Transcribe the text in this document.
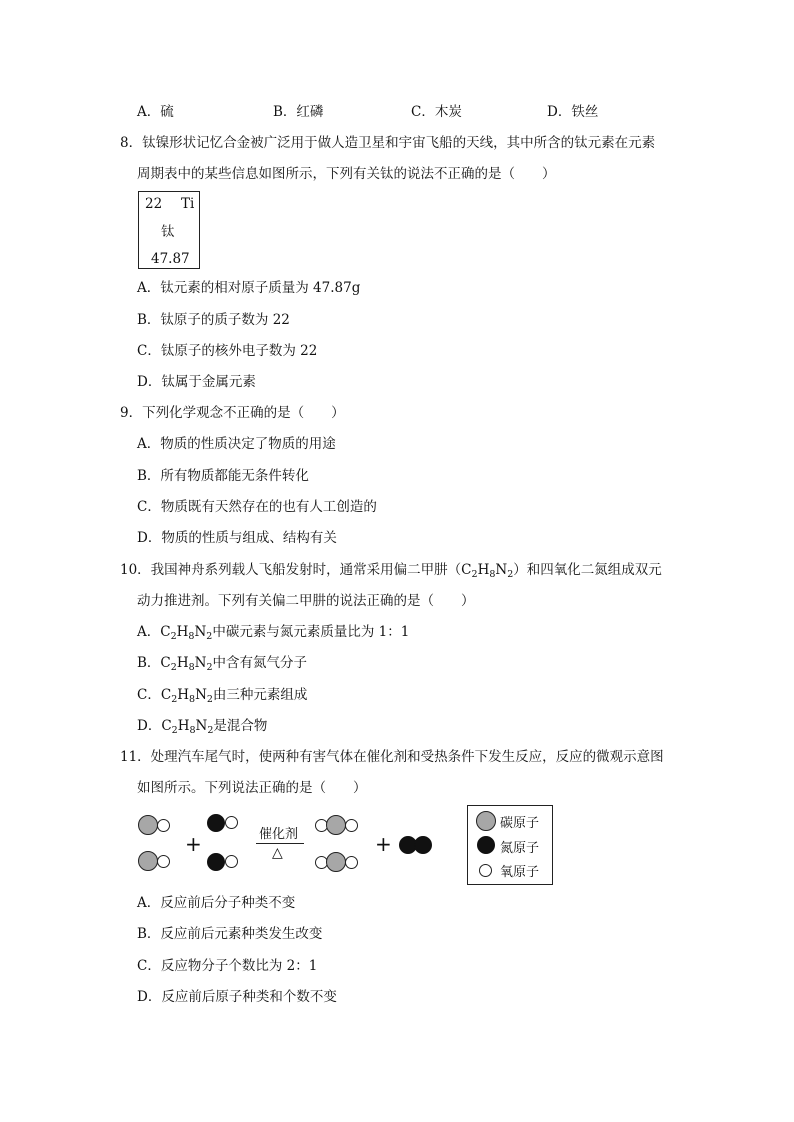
A．硫	B．红磷	C．木炭	D．铁丝
8．钛镍形状记忆合金被广泛用于做人造卫星和宇宙飞船的天线，其中所含的钛元素在元素
周期表中的某些信息如图所示，下列有关钛的说法不正确的是（　　）
22 Ti
钛
47.87
A．钛元素的相对原子质量为 47.87g
B．钛原子的质子数为 22
C．钛原子的核外电子数为 22
D．钛属于金属元素
9．下列化学观念不正确的是（　　）
A．物质的性质决定了物质的用途
B．所有物质都能无条件转化
C．物质既有天然存在的也有人工创造的
D．物质的性质与组成、结构有关
10．我国神舟系列载人飞船发射时，通常采用偏二甲肼$(C_2H_8N_2)$和四氧化二氮组成双元
动力推进剂。下列有关偏二甲肼的说法正确的是（　　）
A．$C_2H_8N_2$中碳元素与氮元素质量比为 1：1
B．$C_2H_8N_2$中含有氮气分子
C．$C_2H_8N_2$由三种元素组成
D．$C_2H_8N_2$是混合物
11．处理汽车尾气时，使两种有害气体在催化剂和受热条件下发生反应，反应的微观示意图
如图所示。下列说法正确的是（　　）
+	催化剂
△	+
碳原子
氮原子
氧原子
A．反应前后分子种类不变
B．反应前后元素种类发生改变
C．反应物分子个数比为 2：1
D．反应前后原子种类和个数不变
